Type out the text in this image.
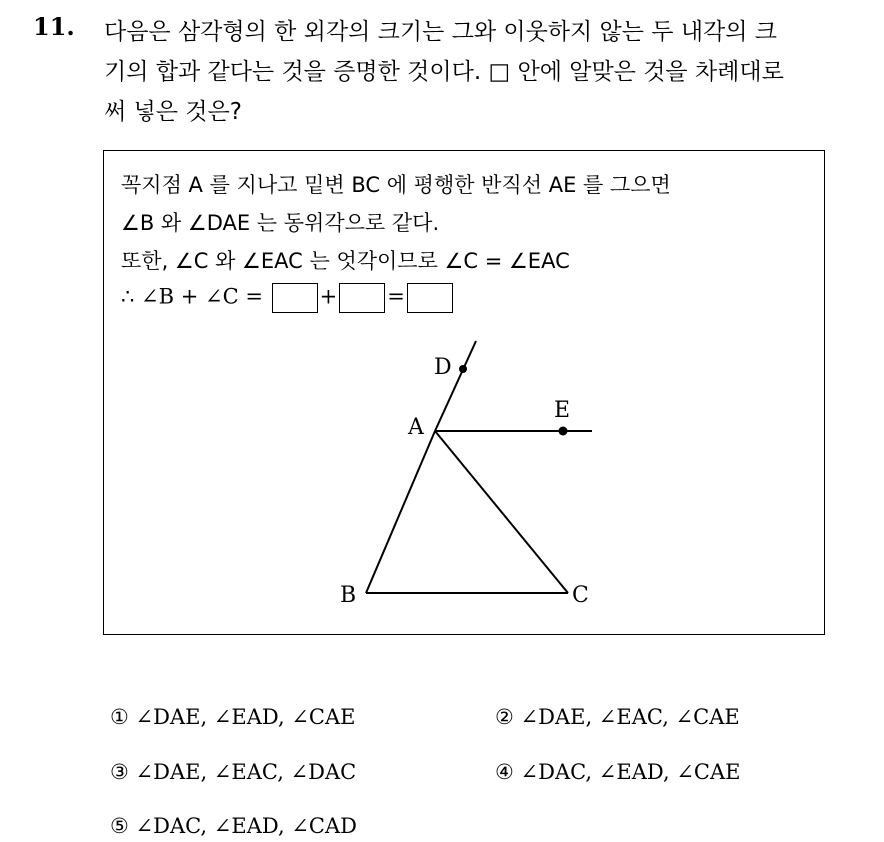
11. 다음은 삼각형의 한 외각의 크기는 그와 이웃하지 않는 두 내각의 크
기의 합과 같다는 것을 증명한 것이다. □ 안에 알맞은 것을 차례대로
써 넣은 것은?
꼭지점 A 를 지나고 밑변 BC 에 평행한 반직선 AE 를 그으면
∠B 와 ∠DAE 는 동위각으로 같다.
또한, ∠C 와 ∠EAC 는 엇각이므로 ∠C = ∠EAC
∴ ∠B + ∠C = + =
A
B	C
D
E
① ∠DAE, ∠EAD, ∠CAE	② ∠DAE, ∠EAC, ∠CAE
③ ∠DAE, ∠EAC, ∠DAC	④ ∠DAC, ∠EAD, ∠CAE
⑤ ∠DAC, ∠EAD, ∠CAD
